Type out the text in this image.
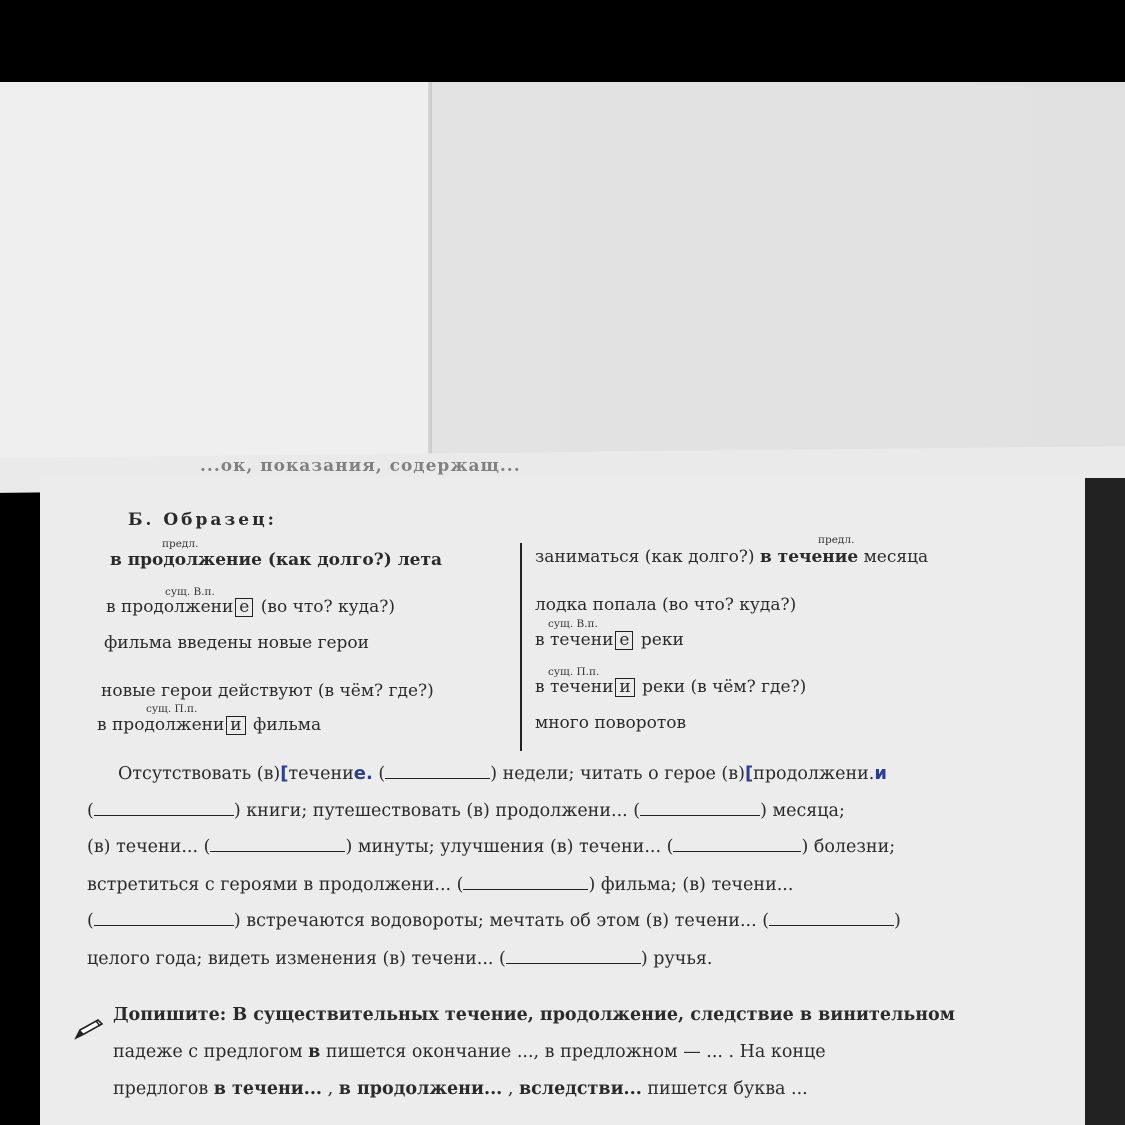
...ок, показания, содержащ...
Б. Образец:
предл.
в продолжение (как долго?) лета
сущ. В.п.
в продолжени е (во что? куда?)
фильма введены новые герои
новые герои действуют (в чём? где?)
сущ. П.п.
в продолжени и фильма
предл.
заниматься (как долго?) в течение месяца
лодка попала (во что? куда?)
сущ. В.п.
в течени е реки
сущ. П.п.
в течени и реки (в чём? где?)
много поворотов
Отсутствовать (в)[течение. (	) недели; читать о герое (в)[продолжени.и
(	) книги; путешествовать (в) продолжени... (	) месяца;
(в) течени... (	) минуты; улучшения (в) течени... (	) болезни;
встретиться с героями в продолжени... (	) фильма; (в) течени...
(	) встречаются водовороты; мечтать об этом (в) течени... (	)
целого года; видеть изменения (в) течени... (	) ручья.
Допишите: В существительных течение, продолжение, следствие в винительном
падеже с предлогом в пишется окончание ..., в предложном — ... . На конце
предлогов в течени... , в продолжени... , вследстви... пишется буква ...
